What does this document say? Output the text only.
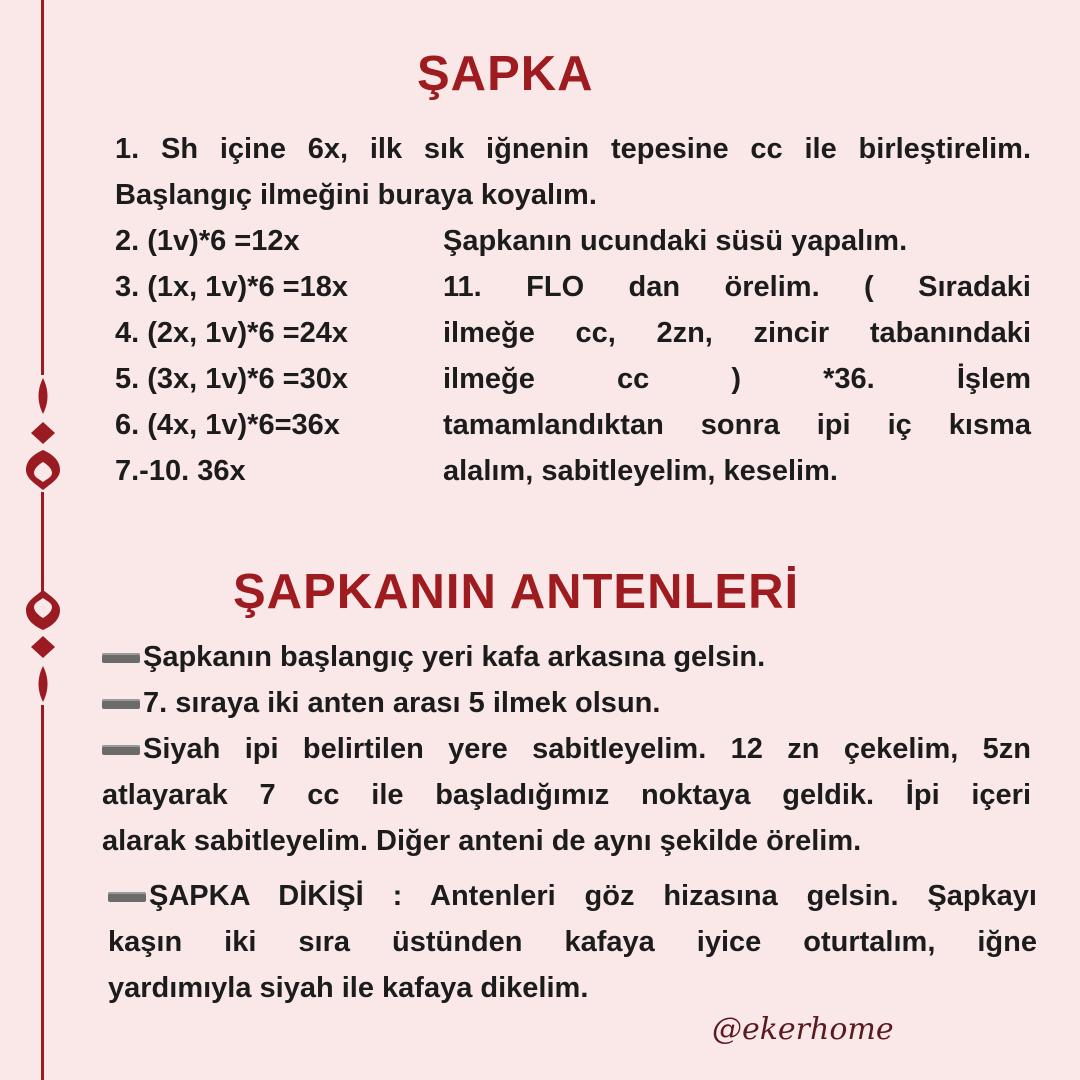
ŞAPKA
1. Sh içine 6x, ilk sık iğnenin tepesine cc ile birleştirelim.
Başlangıç ilmeğini buraya koyalım.
2. (1v)*6 =12x
3. (1x, 1v)*6 =18x
4. (2x, 1v)*6 =24x
5. (3x, 1v)*6 =30x
6. (4x, 1v)*6=36x
7.-10. 36x
Şapkanın ucundaki süsü yapalım.
11. FLO dan örelim. ( Sıradaki
ilmeğe cc, 2zn, zincir tabanındaki
ilmeğe cc ) *36. İşlem
tamamlandıktan sonra ipi iç kısma
alalım, sabitleyelim, keselim.
ŞAPKANIN ANTENLERİ
Şapkanın başlangıç yeri kafa arkasına gelsin.
7. sıraya iki anten arası 5 ilmek olsun.
Siyah ipi belirtilen yere sabitleyelim. 12 zn çekelim, 5zn
atlayarak 7 cc ile başladığımız noktaya geldik. İpi içeri
alarak sabitleyelim. Diğer anteni de aynı şekilde örelim.
ŞAPKA DİKİŞİ : Antenleri göz hizasına gelsin. Şapkayı
kaşın iki sıra üstünden kafaya iyice oturtalım, iğne
yardımıyla siyah ile kafaya dikelim.
@ekerhome
